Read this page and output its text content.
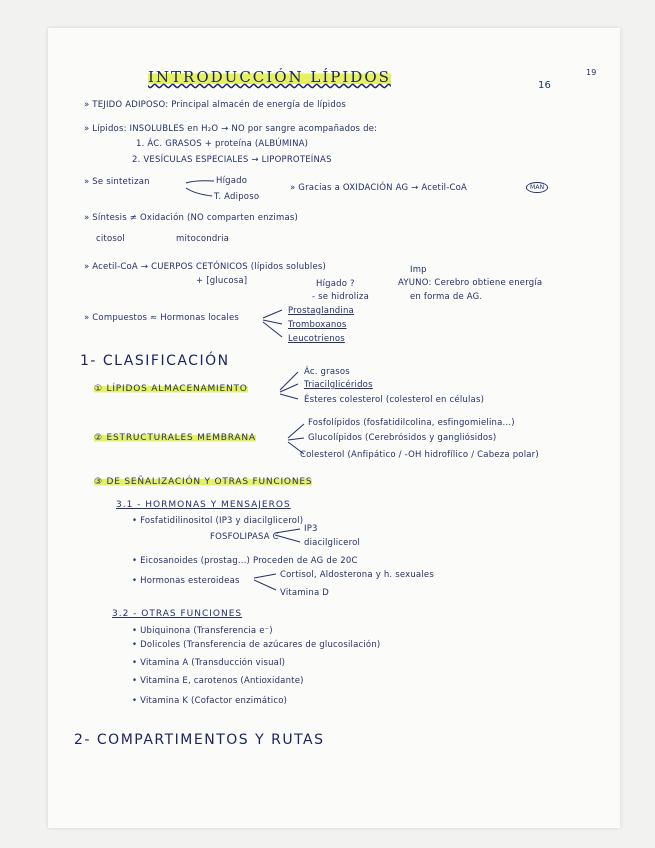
INTRODUCCIÓN LÍPIDOS	16
19
» TEJIDO ADIPOSO: Principal almacén de energía de lípidos
» Lípidos: INSOLUBLES en H₂O → NO por sangre acompañados de:
1. ÁC. GRASOS + proteína (ALBÚMINA)
2. VESÍCULAS ESPECIALES → LIPOPROTEÍNAS
» Se sintetizan	Hígado
T. Adiposo
» Gracias a OXIDACIÓN AG → Acetil-CoA	MAN
» Síntesis ≠ Oxidación (NO comparten enzimas)
citosol	mitocondria
» Acetil-CoA → CUERPOS CETÓNICOS (lípidos solubles)
+ [glucosa]	Hígado ?
- se hidroliza
Imp
AYUNO: Cerebro obtiene energía
en forma de AG.
» Compuestos ≈ Hormonas locales
Prostaglandina
Tromboxanos
Leucotrienos
1- CLASIFICACIÓN
① LÍPIDOS ALMACENAMIENTO
Ác. grasos
Triacilglicéridos
Ésteres colesterol (colesterol en células)
② ESTRUCTURALES MEMBRANA
Fosfolípidos (fosfatidilcolina, esfingomielina...)
Glucolípidos (Cerebrósidos y gangliósidos)
Colesterol (Anfipático / -OH hidrofílico / Cabeza polar)
③ DE SEÑALIZACIÓN Y OTRAS FUNCIONES
3.1 - HORMONAS Y MENSAJEROS
• Fosfatidilinositol (IP3 y diacilglicerol)
FOSFOLIPASA C
IP3
diacilglicerol
• Eicosanoides (prostag...) Proceden de AG de 20C
• Hormonas esteroideas
Cortisol, Aldosterona y h. sexuales
Vitamina D
3.2 - OTRAS FUNCIONES
• Ubiquinona (Transferencia e⁻)
• Dolicoles (Transferencia de azúcares de glucosilación)
• Vitamina A (Transducción visual)
• Vitamina E, carotenos (Antioxidante)
• Vitamina K (Cofactor enzimático)
2- COMPARTIMENTOS Y RUTAS
